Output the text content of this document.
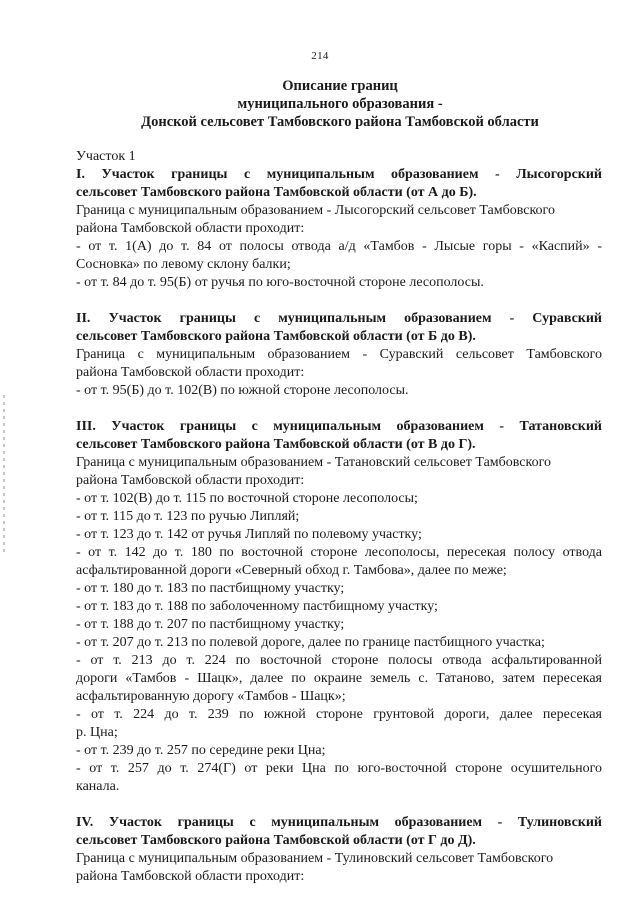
214
Описание границ
муниципального образования -
Донской сельсовет Тамбовского района Тамбовской области
Участок 1
I. Участок границы с муниципальным образованием - Лысогорский
сельсовет Тамбовского района Тамбовской области (от А до Б).
Граница с муниципальным образованием - Лысогорский сельсовет Тамбовского
района Тамбовской области проходит:
- от т. 1(А) до т. 84 от полосы отвода а/д «Тамбов - Лысые горы - «Каспий» -
Сосновка» по левому склону балки;
- от т. 84 до т. 95(Б) от ручья по юго-восточной стороне лесополосы.
II. Участок границы с муниципальным образованием - Суравский
сельсовет Тамбовского района Тамбовской области (от Б до В).
Граница с муниципальным образованием - Суравский сельсовет Тамбовского
района Тамбовской области проходит:
- от т. 95(Б) до т. 102(В) по южной стороне лесополосы.
III. Участок границы с муниципальным образованием - Татановский
сельсовет Тамбовского района Тамбовской области (от В до Г).
Граница с муниципальным образованием - Татановский сельсовет Тамбовского
района Тамбовской области проходит:
- от т. 102(В) до т. 115 по восточной стороне лесополосы;
- от т. 115 до т. 123 по ручью Липляй;
- от т. 123 до т. 142 от ручья Липляй по полевому участку;
- от т. 142 до т. 180 по восточной стороне лесополосы, пересекая полосу отвода
асфальтированной дороги «Северный обход г. Тамбова», далее по меже;
- от т. 180 до т. 183 по пастбищному участку;
- от т. 183 до т. 188 по заболоченному пастбищному участку;
- от т. 188 до т. 207 по пастбищному участку;
- от т. 207 до т. 213 по полевой дороге, далее по границе пастбищного участка;
- от т. 213 до т. 224 по восточной стороне полосы отвода асфальтированной
дороги «Тамбов - Шацк», далее по окраине земель с. Татаново, затем пересекая
асфальтированную дорогу «Тамбов - Шацк»;
- от т. 224 до т. 239 по южной стороне грунтовой дороги, далее пересекая
р. Цна;
- от т. 239 до т. 257 по середине реки Цна;
- от т. 257 до т. 274(Г) от реки Цна по юго-восточной стороне осушительного
канала.
IV. Участок границы с муниципальным образованием - Тулиновский
сельсовет Тамбовского района Тамбовской области (от Г до Д).
Граница с муниципальным образованием - Тулиновский сельсовет Тамбовского
района Тамбовской области проходит:
